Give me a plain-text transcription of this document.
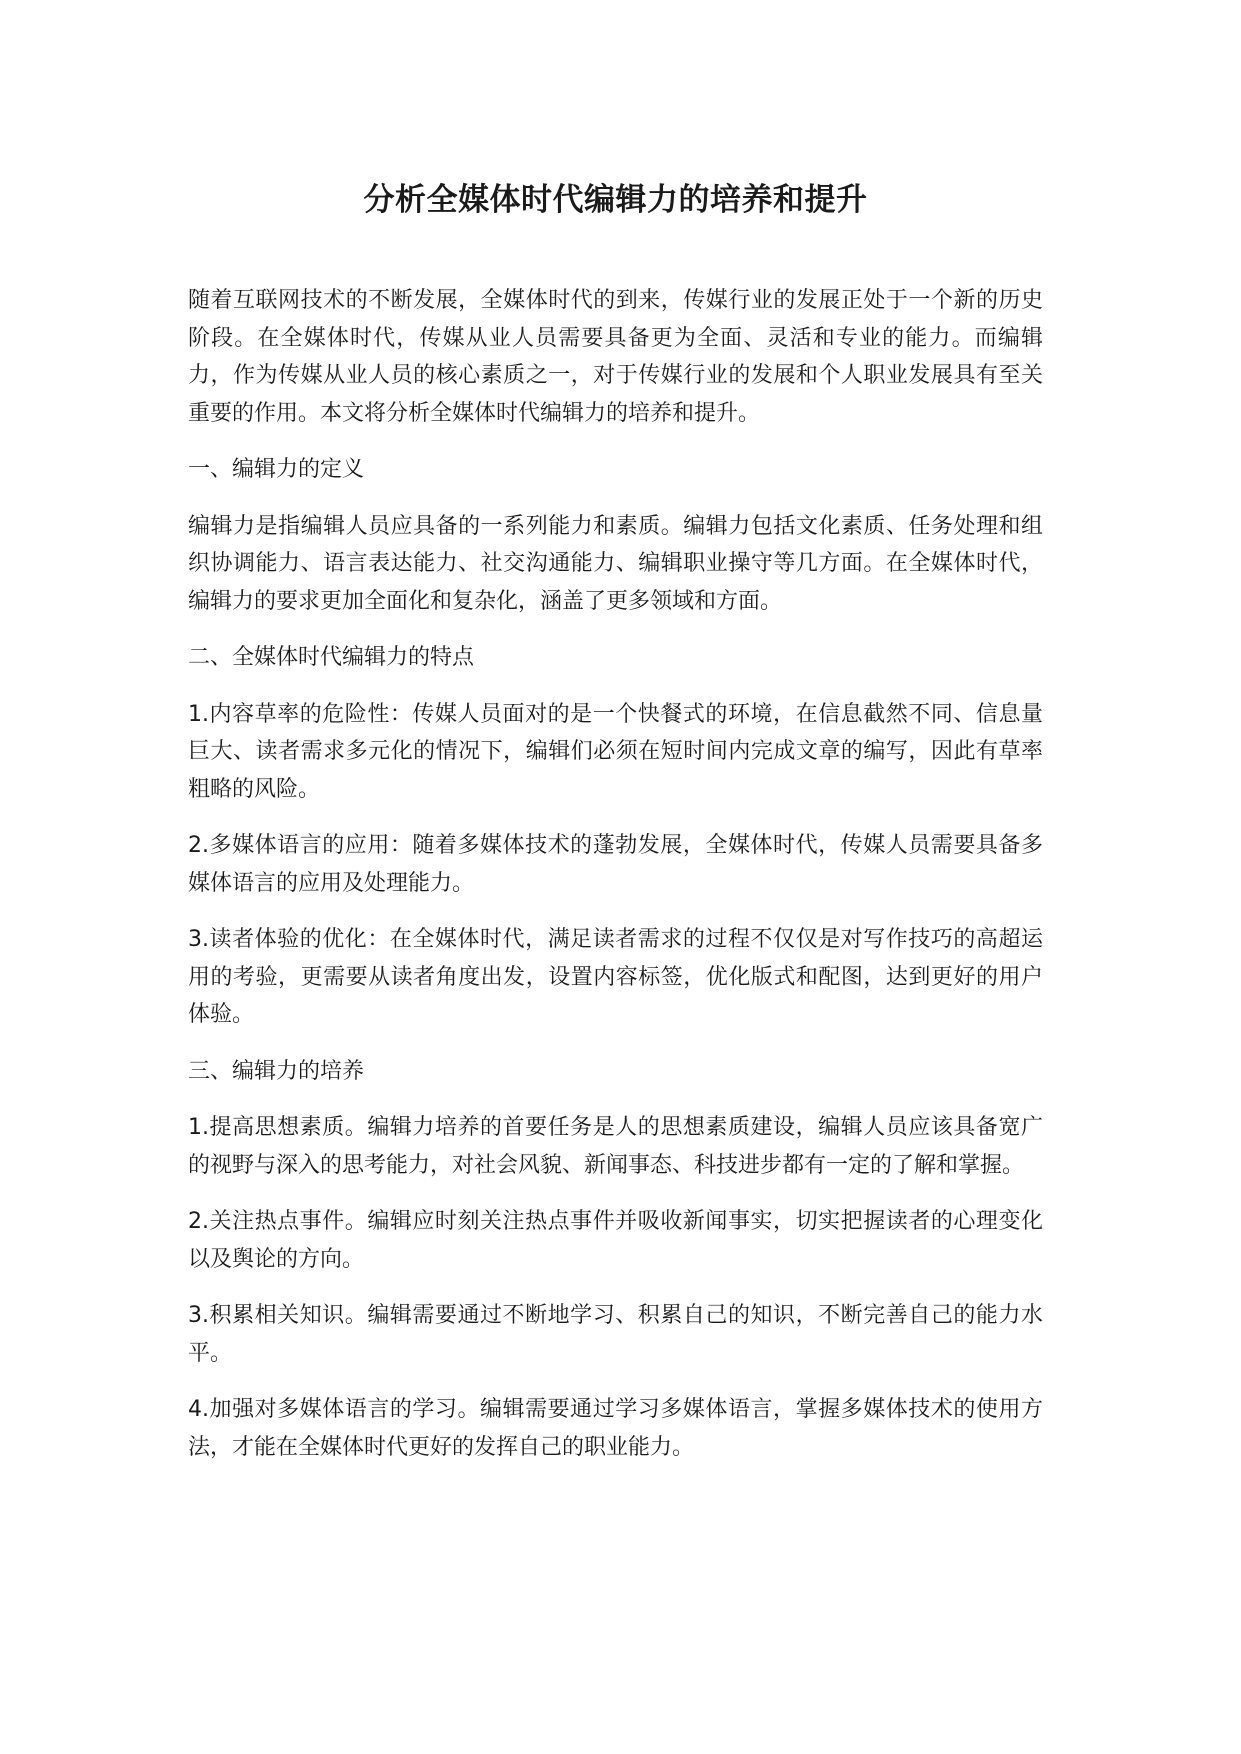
分析全媒体时代编辑力的培养和提升

随着互联网技术的不断发展，全媒体时代的到来，传媒行业的发展正处于一个新的历史阶段。在全媒体时代，传媒从业人员需要具备更为全面、灵活和专业的能力。而编辑力，作为传媒从业人员的核心素质之一，对于传媒行业的发展和个人职业发展具有至关重要的作用。本文将分析全媒体时代编辑力的培养和提升。

一、编辑力的定义

编辑力是指编辑人员应具备的一系列能力和素质。编辑力包括文化素质、任务处理和组织协调能力、语言表达能力、社交沟通能力、编辑职业操守等几方面。在全媒体时代，编辑力的要求更加全面化和复杂化，涵盖了更多领域和方面。

二、全媒体时代编辑力的特点

1.内容草率的危险性：传媒人员面对的是一个快餐式的环境，在信息截然不同、信息量巨大、读者需求多元化的情况下，编辑们必须在短时间内完成文章的编写，因此有草率粗略的风险。

2.多媒体语言的应用：随着多媒体技术的蓬勃发展，全媒体时代，传媒人员需要具备多媒体语言的应用及处理能力。

3.读者体验的优化：在全媒体时代，满足读者需求的过程不仅仅是对写作技巧的高超运用的考验，更需要从读者角度出发，设置内容标签，优化版式和配图，达到更好的用户体验。

三、编辑力的培养

1.提高思想素质。编辑力培养的首要任务是人的思想素质建设，编辑人员应该具备宽广的视野与深入的思考能力，对社会风貌、新闻事态、科技进步都有一定的了解和掌握。

2.关注热点事件。编辑应时刻关注热点事件并吸收新闻事实，切实把握读者的心理变化以及舆论的方向。

3.积累相关知识。编辑需要通过不断地学习、积累自己的知识，不断完善自己的能力水平。

4.加强对多媒体语言的学习。编辑需要通过学习多媒体语言，掌握多媒体技术的使用方法，才能在全媒体时代更好的发挥自己的职业能力。
